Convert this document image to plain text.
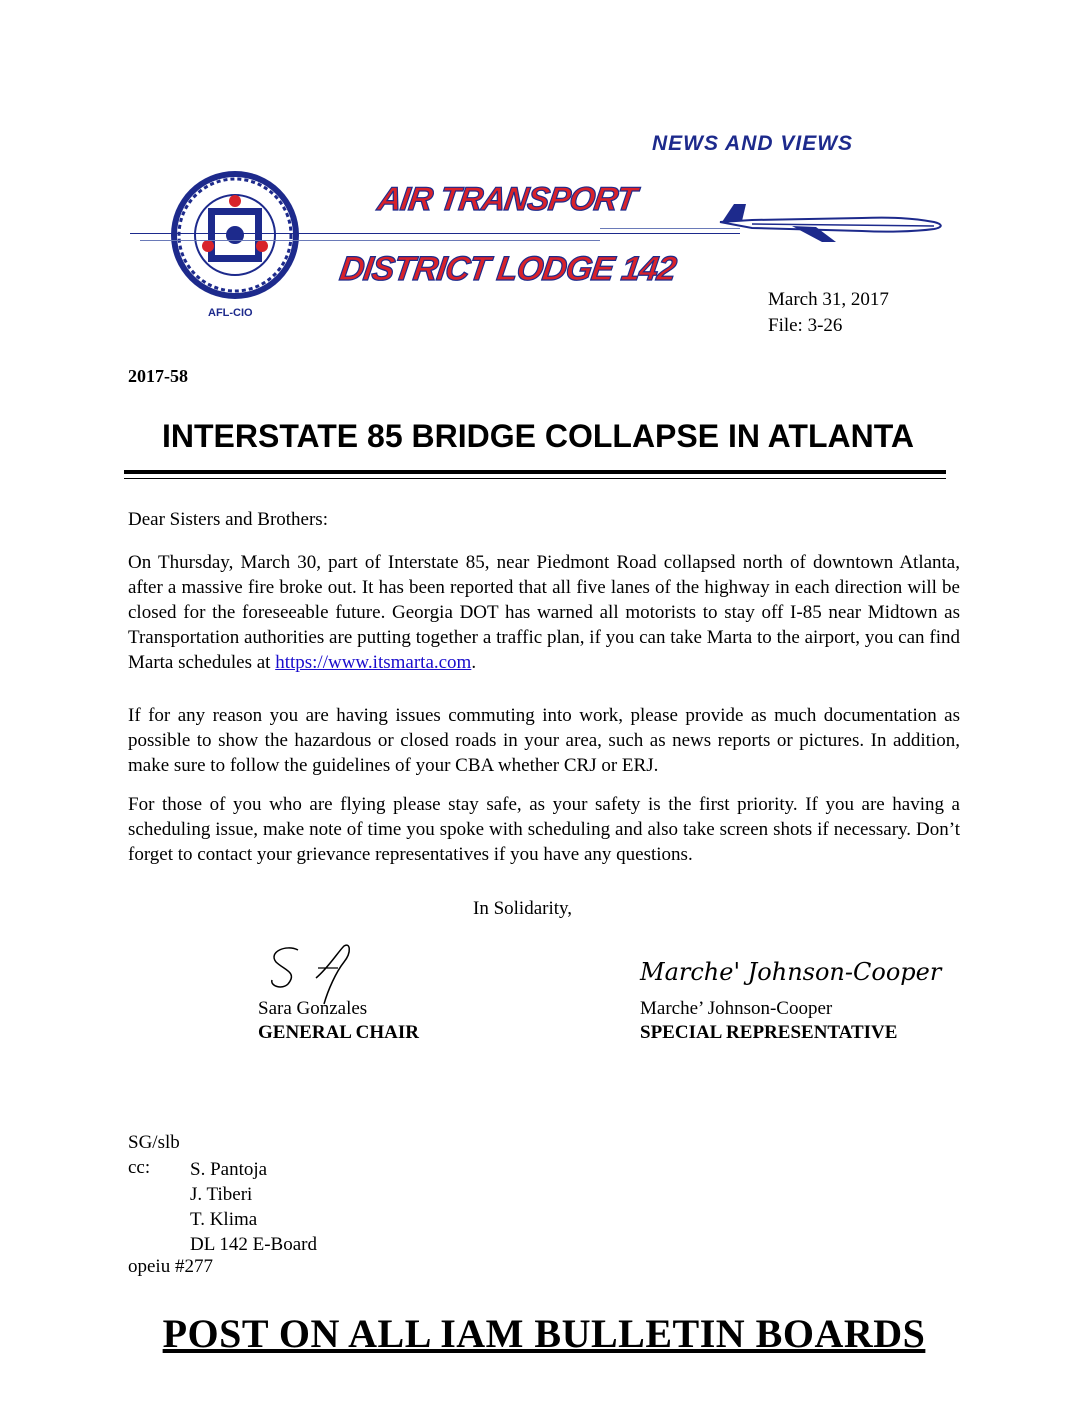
NEWS AND VIEWS
AFL-CIO
AIR TRANSPORT
DISTRICT LODGE 142
March 31, 2017
File: 3-26
2017-58
INTERSTATE 85 BRIDGE COLLAPSE IN ATLANTA
Dear Sisters and Brothers:
On Thursday, March 30, part of Interstate 85, near Piedmont Road collapsed north of downtown Atlanta, after a massive fire broke out. It has been reported that all five lanes of the highway in each direction will be closed for the foreseeable future. Georgia DOT has warned all motorists to stay off I-85 near Midtown as Transportation authorities are putting together a traffic plan, if you can take Marta to the airport, you can find Marta schedules at https://www.itsmarta.com.
If for any reason you are having issues commuting into work, please provide as much documentation as possible to show the hazardous or closed roads in your area, such as news reports or pictures. In addition, make sure to follow the guidelines of your CBA whether CRJ or ERJ.
For those of you who are flying please stay safe, as your safety is the first priority. If you are having a scheduling issue, make note of time you spoke with scheduling and also take screen shots if necessary. Don’t forget to contact your grievance representatives if you have any questions.
In Solidarity,
Marche' Johnson-Cooper
Sara Gonzales
GENERAL CHAIR
Marche’ Johnson-Cooper
SPECIAL REPRESENTATIVE
SG/slb
cc: S. Pantoja
J. Tiberi
T. Klima
DL 142 E-Board
opeiu #277
POST ON ALL IAM BULLETIN BOARDS
